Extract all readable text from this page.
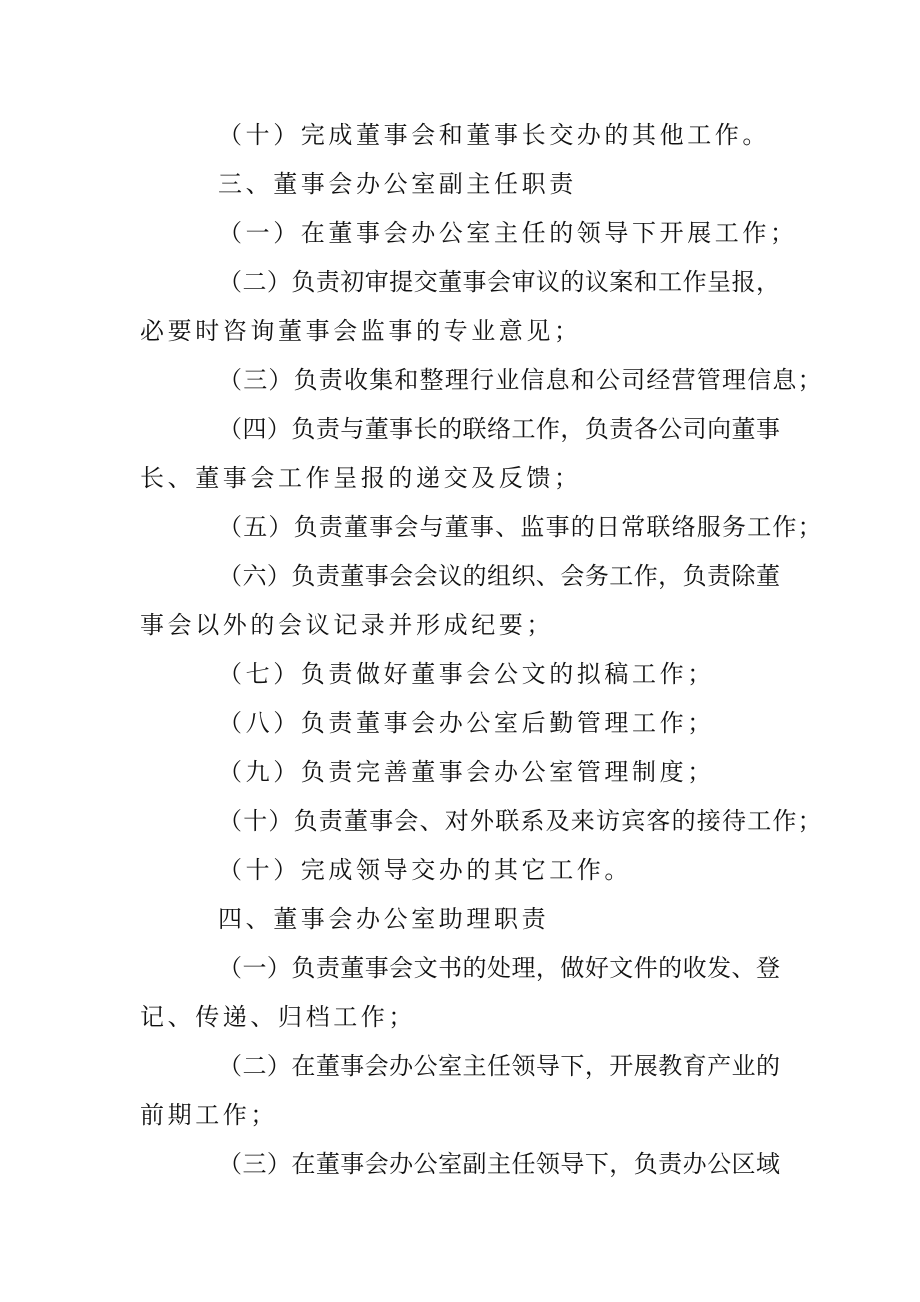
（十）完成董事会和董事长交办的其他工作。
三、董事会办公室副主任职责
（一）在董事会办公室主任的领导下开展工作；
（二）负责初审提交董事会审议的议案和工作呈报，
必要时咨询董事会监事的专业意见；
（三）负责收集和整理行业信息和公司经营管理信息；
（四）负责与董事长的联络工作，负责各公司向董事
长、董事会工作呈报的递交及反馈；
（五）负责董事会与董事、监事的日常联络服务工作；
（六）负责董事会会议的组织、会务工作，负责除董
事会以外的会议记录并形成纪要；
（七）负责做好董事会公文的拟稿工作；
（八）负责董事会办公室后勤管理工作；
（九）负责完善董事会办公室管理制度；
（十）负责董事会、对外联系及来访宾客的接待工作；
（十）完成领导交办的其它工作。
四、董事会办公室助理职责
（一）负责董事会文书的处理，做好文件的收发、登
记、传递、归档工作；
（二）在董事会办公室主任领导下，开展教育产业的
前期工作；
（三）在董事会办公室副主任领导下，负责办公区域
